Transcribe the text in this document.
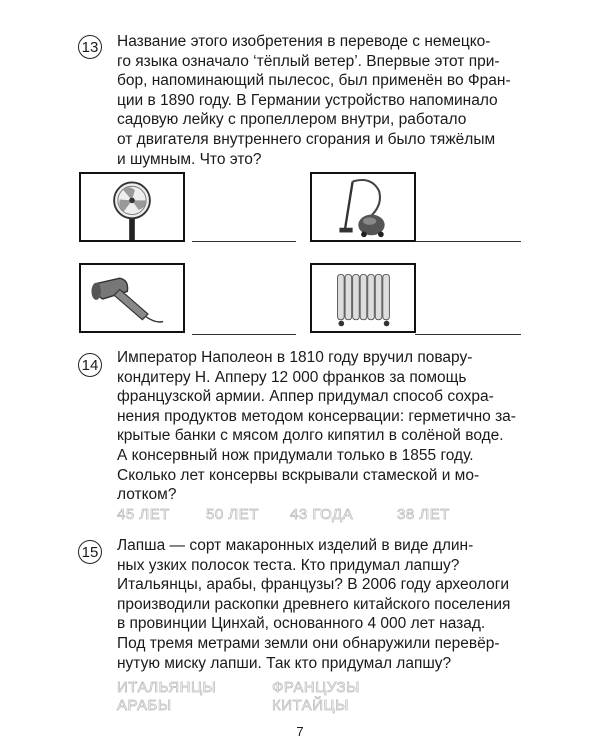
13 Название этого изобретения в переводе с немецко-
го языка означало ‘тёплый ветер’. Впервые этот при-
бор, напоминающий пылесос, был применён во Фран-
ции в 1890 году. В Германии устройство напоминало
садовую лейку с пропеллером внутри, работало
от двигателя внутреннего сгорания и было тяжёлым
и шумным. Что это?
14 Император Наполеон в 1810 году вручил повару-
кондитеру Н. Апперу 12 000 франков за помощь
французской армии. Аппер придумал способ сохра-
нения продуктов методом консервации: герметично за-
крытые банки с мясом долго кипятил в солёной воде.
А консервный нож придумали только в 1855 году.
Сколько лет консервы вскрывали стамеской и мо-
лотком?
45 ЛЕТ 50 ЛЕТ 43 ГОДА	38 ЛЕТ
15 Лапша — сорт макаронных изделий в виде длин-
ных узких полосок теста. Кто придумал лапшу?
Итальянцы, арабы, французы? В 2006 году археологи
производили раскопки древнего китайского поселения
в провинции Цинхай, основанного 4 000 лет назад.
Под тремя метрами земли они обнаружили перевёр-
нутую миску лапши. Так кто придумал лапшу?
ИТАЛЬЯНЦЫ	ФРАНЦУЗЫ
АРАБЫ	КИТАЙЦЫ
7
